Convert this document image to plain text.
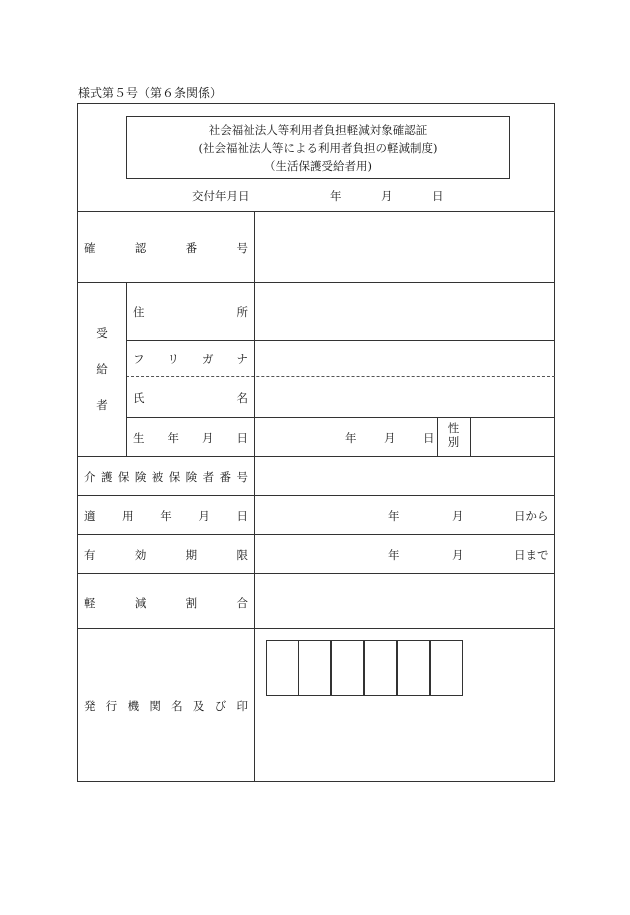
様式第５号（第６条関係）
社会福祉法人等利用者負担軽減対象確認証
(社会福祉法人等による利用者負担の軽減制度)
（生活保護受給者用)
交付年月日	年	月	日
確	認	番	号
受
給
者
住	所
フ リ ガ ナ
氏	名
生 年 月 日	年 月 日
性
別
介 護 保 険 被 保 険 者 番 号
適 用 年 月 日	年	月	日から
有	効	期	限	年	月	日まで
軽	減	割	合
発 行 機 関 名 及 び 印
